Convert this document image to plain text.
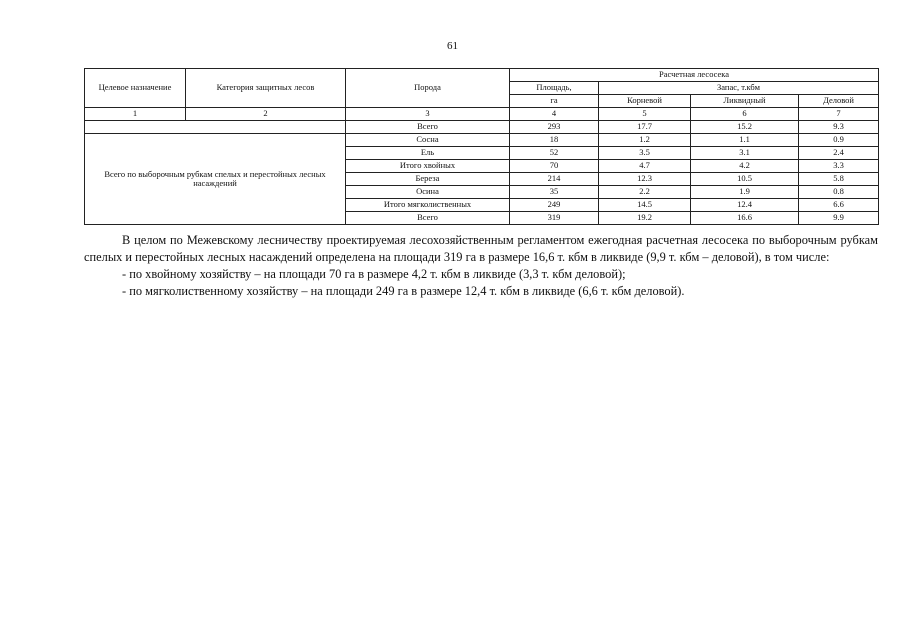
61
Целевое назначение	Категория защитных лесов	Порода	Расчетная лесосека			
			Площадь,	Запас, т.кбм		
			га	Корневой	Ликвидный	Деловой
1	2	3	4	5	6	7
		Всего	293	17.7	15.2	9.3
Всего по выборочным рубкам спелых и перестойных лесных насаждений		Сосна	18	1.2	1.1	0.9
		Ель	52	3.5	3.1	2.4
		Итого хвойных	70	4.7	4.2	3.3
		Береза	214	12.3	10.5	5.8
		Осина	35	2.2	1.9	0.8
		Итого мягколиственных	249	14.5	12.4	6.6
		Всего	319	19.2	16.6	9.9

В целом по Межевскому лесничеству проектируемая лесохозяйственным регламентом ежегодная расчетная лесосека по выборочным рубкам спелых и перестойных лесных насаждений определена на площади 319 га в размере 16,6 т. кбм в ликвиде (9,9 т. кбм – деловой), в том числе:

- по хвойному хозяйству – на площади 70 га в размере 4,2 т. кбм в ликвиде (3,3 т. кбм деловой);

- по мягколиственному хозяйству – на площади 249 га в размере 12,4 т. кбм в ликвиде (6,6 т. кбм деловой).
